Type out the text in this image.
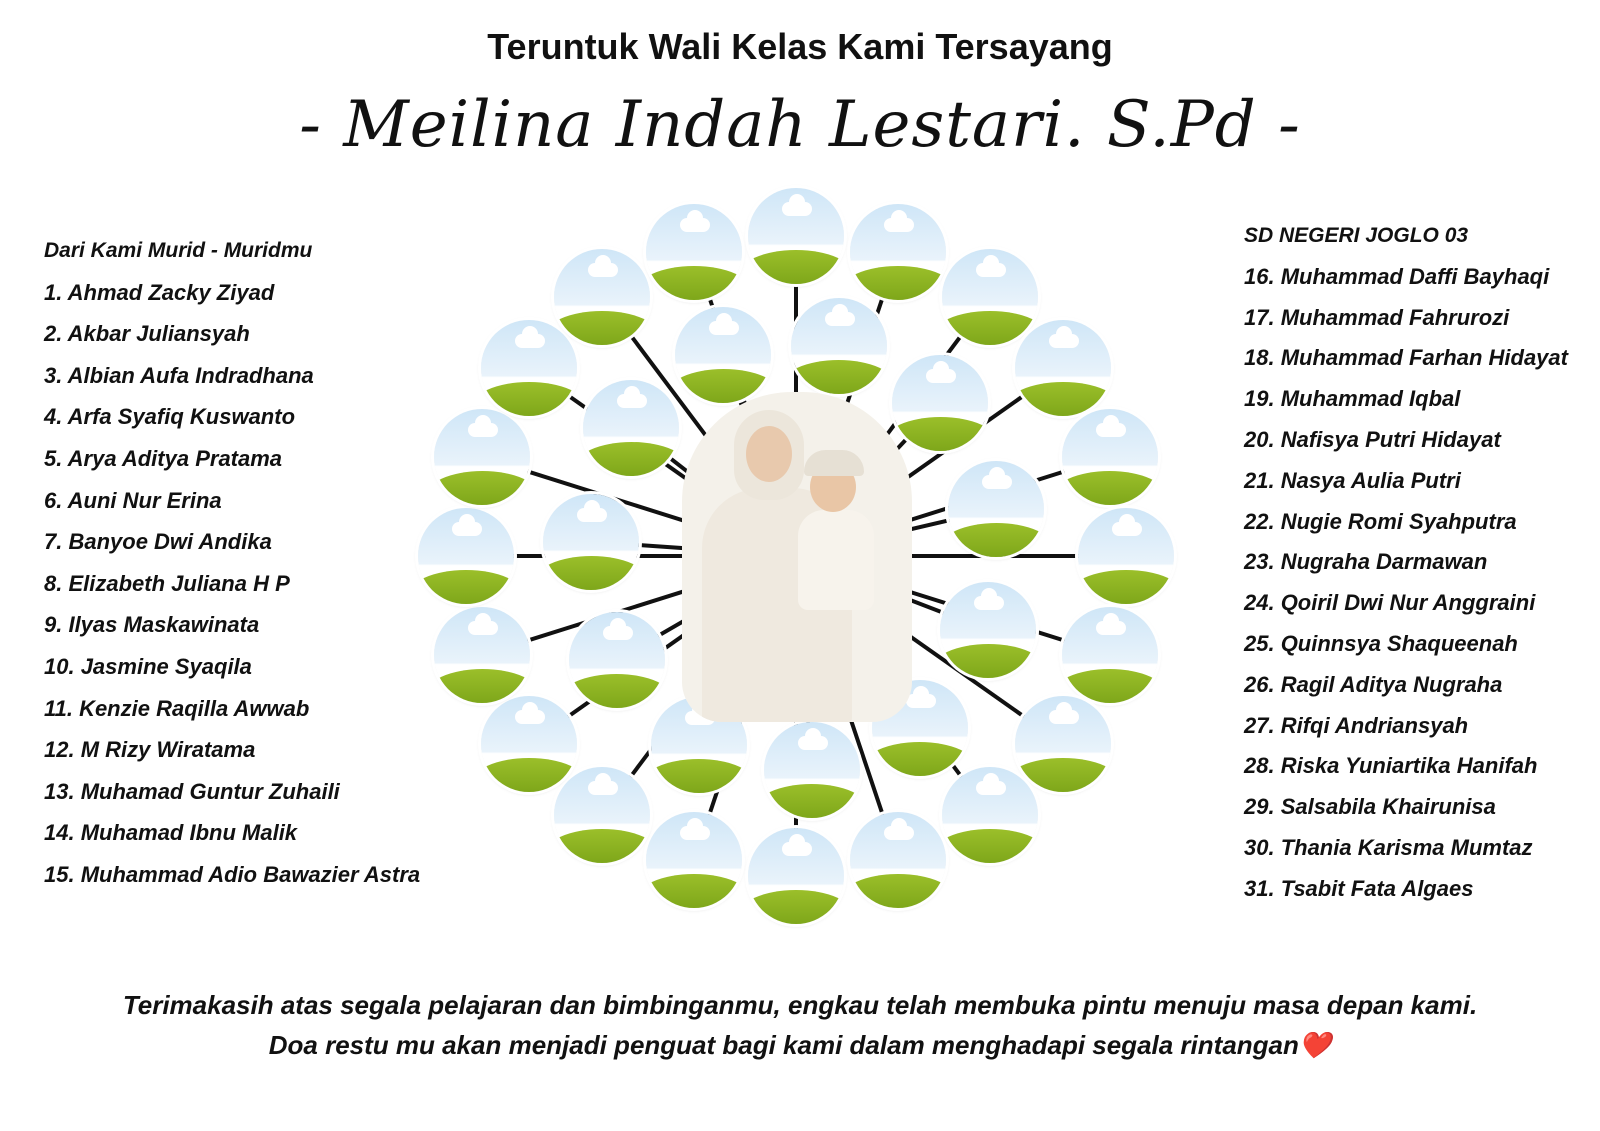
Teruntuk Wali Kelas Kami Tersayang
- Meilina Indah Lestari. S.Pd -
Dari Kami Murid - Muridmu
1. Ahmad Zacky Ziyad
2. Akbar Juliansyah
3. Albian Aufa Indradhana
4. Arfa Syafiq Kuswanto
5. Arya Aditya Pratama
6. Auni Nur Erina
7. Banyoe Dwi Andika
8. Elizabeth Juliana H P
9. Ilyas Maskawinata
10. Jasmine Syaqila
11. Kenzie Raqilla Awwab
12. M Rizy Wiratama
13. Muhamad Guntur Zuhaili
14. Muhamad Ibnu Malik
15. Muhammad Adio Bawazier Astra
SD NEGERI JOGLO 03
16. Muhammad Daffi Bayhaqi
17. Muhammad Fahrurozi
18. Muhammad Farhan Hidayat
19. Muhammad Iqbal
20. Nafisya Putri Hidayat
21. Nasya Aulia Putri
22. Nugie Romi Syahputra
23. Nugraha Darmawan
24. Qoiril Dwi Nur Anggraini
25. Quinnsya Shaqueenah
26. Ragil Aditya Nugraha
27. Rifqi Andriansyah
28. Riska Yuniartika Hanifah
29. Salsabila Khairunisa
30. Thania Karisma Mumtaz
31. Tsabit Fata Algaes
Terimakasih atas segala pelajaran dan bimbinganmu, engkau telah membuka pintu menuju masa depan kami.
Doa restu mu akan menjadi penguat bagi kami dalam menghadapi segala rintangan❤️
